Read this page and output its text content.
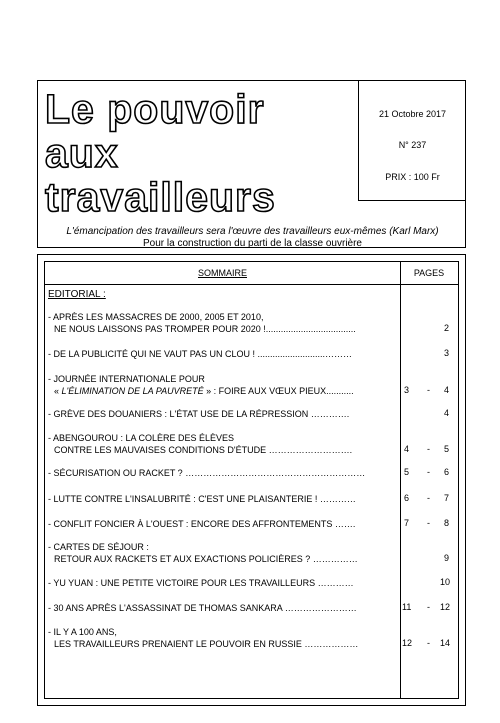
Le pouvoir
aux
travailleurs
21 Octobre 2017
N° 237
PRIX : 100 Fr
L'émancipation des travailleurs sera l'œuvre des travailleurs eux-mêmes (Karl Marx)
Pour la construction du parti de la classe ouvrière
SOMMAIRE	PAGES
EDITORIAL :
- APRÈS LES MASSACRES DE 2000, 2005 ET 2010,
NE NOUS LAISSONS PAS TROMPER POUR 2020 !....................................	2
- DE LA PUBLICITÉ QUI NE VAUT PAS UN CLOU ! ...........................………	3
- JOURNÉE INTERNATIONALE POUR
« L'ÉLIMINATION DE LA PAUVRETÉ » : FOIRE AUX VŒUX PIEUX...........	3 - 4
- GRÈVE DES DOUANIERS : L'ÉTAT USE DE LA RÉPRESSION ………….	4
- ABENGOUROU : LA COLÈRE DES ÉLÈVES
CONTRE LES MAUVAISES CONDITIONS D'ÉTUDE ……………………….	4 - 5
- SÉCURISATION OU RACKET ? ……………………………………………………	5 - 6
- LUTTE CONTRE L'INSALUBRITÉ : C'EST UNE PLAISANTERIE ! …………	6 - 7
- CONFLIT FONCIER À L'OUEST : ENCORE DES AFFRONTEMENTS …….	7 - 8
- CARTES DE SÉJOUR :
RETOUR AUX RACKETS ET AUX EXACTIONS POLICIÈRES ? ……………	9
- YU YUAN : UNE PETITE VICTOIRE POUR LES TRAVAILLEURS …………	10
- 30 ANS APRÈS L'ASSASSINAT DE THOMAS SANKARA ……………………	11 - 12
- IL Y A 100 ANS,
LES TRAVAILLEURS PRENAIENT LE POUVOIR EN RUSSIE ………………	12 - 14
